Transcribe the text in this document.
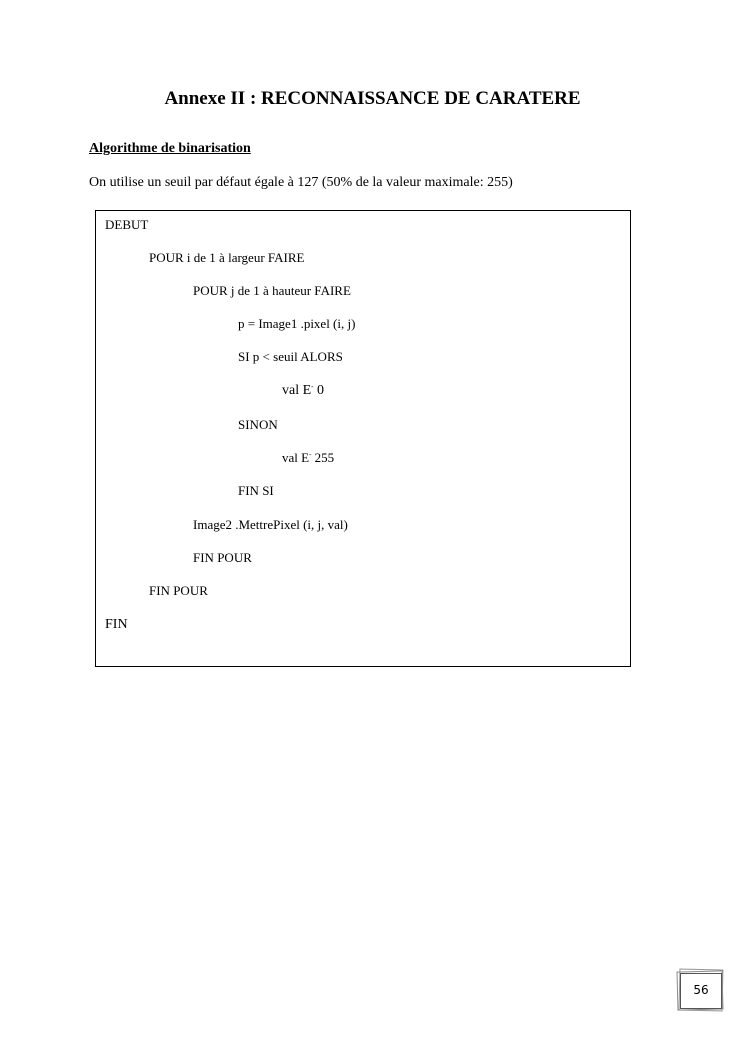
Annexe II : RECONNAISSANCE DE CARATERE

Algorithme de binarisation

On utilise un seuil par défaut égale à 127 (50% de la valeur maximale: 255)

DEBUT

POUR i de 1 à largeur FAIRE

POUR j de 1 à hauteur FAIRE

p = Image1 .pixel (i, j)

SI p < seuil ALORS

val E- 0

SINON

val E- 255

FIN SI

Image2 .MettrePixel (i, j, val)

FIN POUR

FIN POUR

FIN

56
